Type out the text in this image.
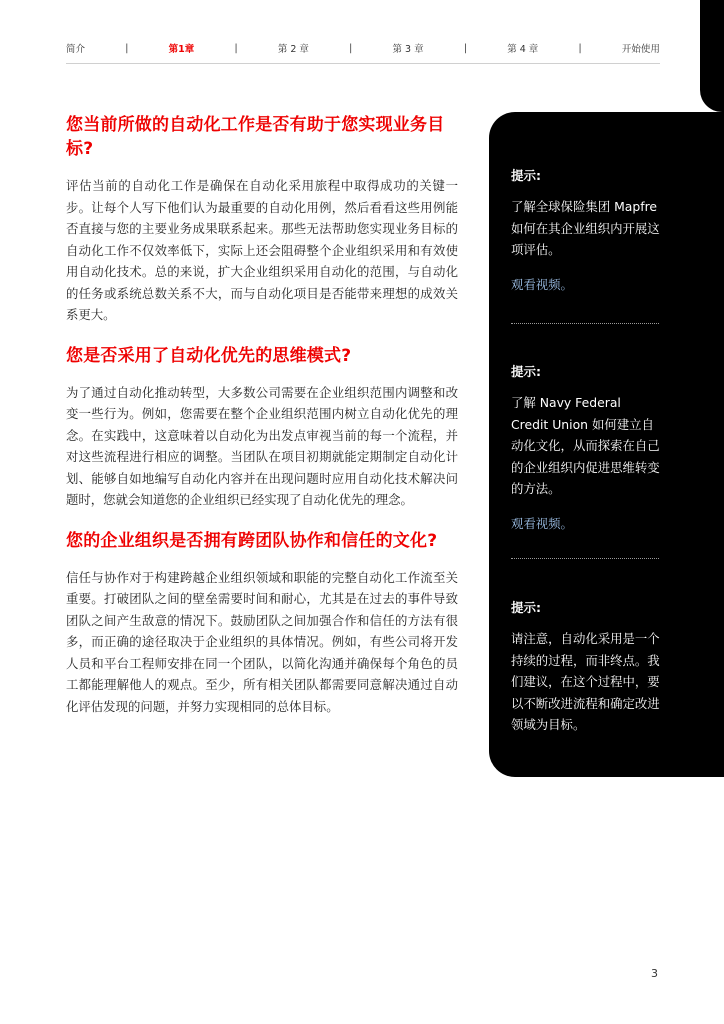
简介	|	第1章	|	第 2 章	|	第 3 章	|	第 4 章	|	开始使用
您当前所做的自动化工作是否有助于您实现业务目标?

评估当前的自动化工作是确保在自动化采用旅程中取得成功的关键一步。让每个人写下他们认为最重要的自动化用例，然后看看这些用例能否直接与您的主要业务成果联系起来。那些无法帮助您实现业务目标的自动化工作不仅效率低下，实际上还会阻碍整个企业组织采用和有效使用自动化技术。总的来说，扩大企业组织采用自动化的范围，与自动化的任务或系统总数关系不大，而与自动化项目是否能带来理想的成效关系更大。

您是否采用了自动化优先的思维模式?

为了通过自动化推动转型，大多数公司需要在企业组织范围内调整和改变一些行为。例如，您需要在整个企业组织范围内树立自动化优先的理念。在实践中，这意味着以自动化为出发点审视当前的每一个流程，并对这些流程进行相应的调整。当团队在项目初期就能定期制定自动化计划、能够自如地编写自动化内容并在出现问题时应用自动化技术解决问题时，您就会知道您的企业组织已经实现了自动化优先的理念。

您的企业组织是否拥有跨团队协作和信任的文化?

信任与协作对于构建跨越企业组织领域和职能的完整自动化工作流至关重要。打破团队之间的壁垒需要时间和耐心，尤其是在过去的事件导致团队之间产生敌意的情况下。鼓励团队之间加强合作和信任的方法有很多，而正确的途径取决于企业组织的具体情况。例如，有些公司将开发人员和平台工程师安排在同一个团队，以简化沟通并确保每个角色的员工都能理解他人的观点。至少，所有相关团队都需要同意解决通过自动化评估发现的问题，并努力实现相同的总体目标。

提示:
了解全球保险集团 Mapfre 如何在其企业组织内开展这项评估。
观看视频。
提示:
了解 Navy Federal Credit Union 如何建立自动化文化，从而探索在自己的企业组织内促进思维转变的方法。
观看视频。
提示:
请注意，自动化采用是一个持续的过程，而非终点。我们建议，在这个过程中，要以不断改进流程和确定改进领域为目标。
3
